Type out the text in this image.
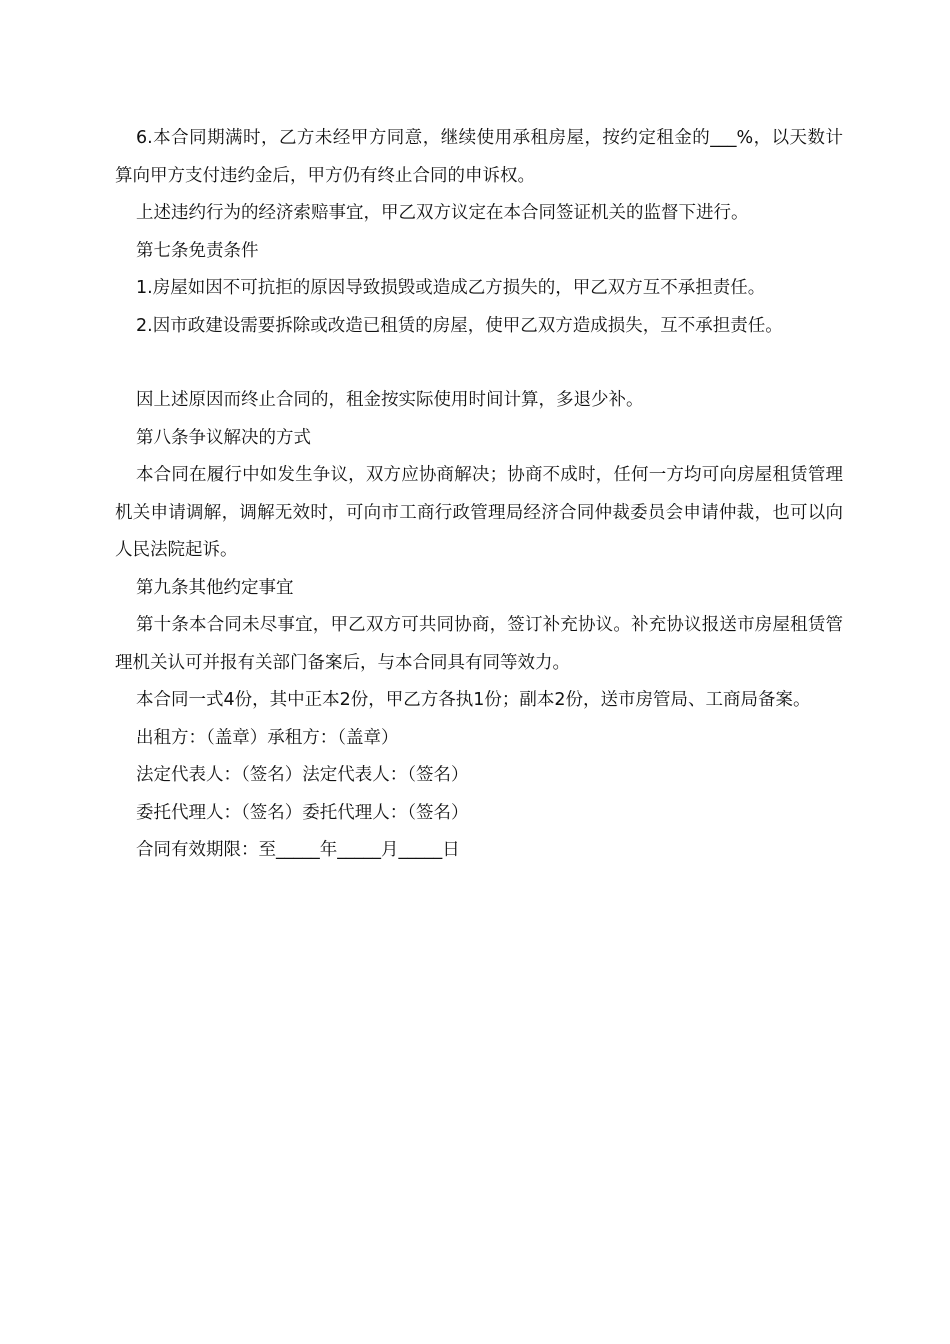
6.本合同期满时，乙方未经甲方同意，继续使用承租房屋，按约定租金的___%，以天数计算向甲方支付违约金后，甲方仍有终止合同的申诉权。

上述违约行为的经济索赔事宜，甲乙双方议定在本合同签证机关的监督下进行。

第七条免责条件

1.房屋如因不可抗拒的原因导致损毁或造成乙方损失的，甲乙双方互不承担责任。

2.因市政建设需要拆除或改造已租赁的房屋，使甲乙双方造成损失，互不承担责任。

因上述原因而终止合同的，租金按实际使用时间计算，多退少补。

第八条争议解决的方式

本合同在履行中如发生争议，双方应协商解决；协商不成时，任何一方均可向房屋租赁管理机关申请调解，调解无效时，可向市工商行政管理局经济合同仲裁委员会申请仲裁，也可以向人民法院起诉。

第九条其他约定事宜

第十条本合同未尽事宜，甲乙双方可共同协商，签订补充协议。补充协议报送市房屋租赁管理机关认可并报有关部门备案后，与本合同具有同等效力。

本合同一式4份，其中正本2份，甲乙方各执1份；副本2份，送市房管局、工商局备案。

出租方：（盖章）承租方：（盖章）

法定代表人：（签名）法定代表人：（签名）

委托代理人：（签名）委托代理人：（签名）

合同有效期限：至_____年_____月_____日
